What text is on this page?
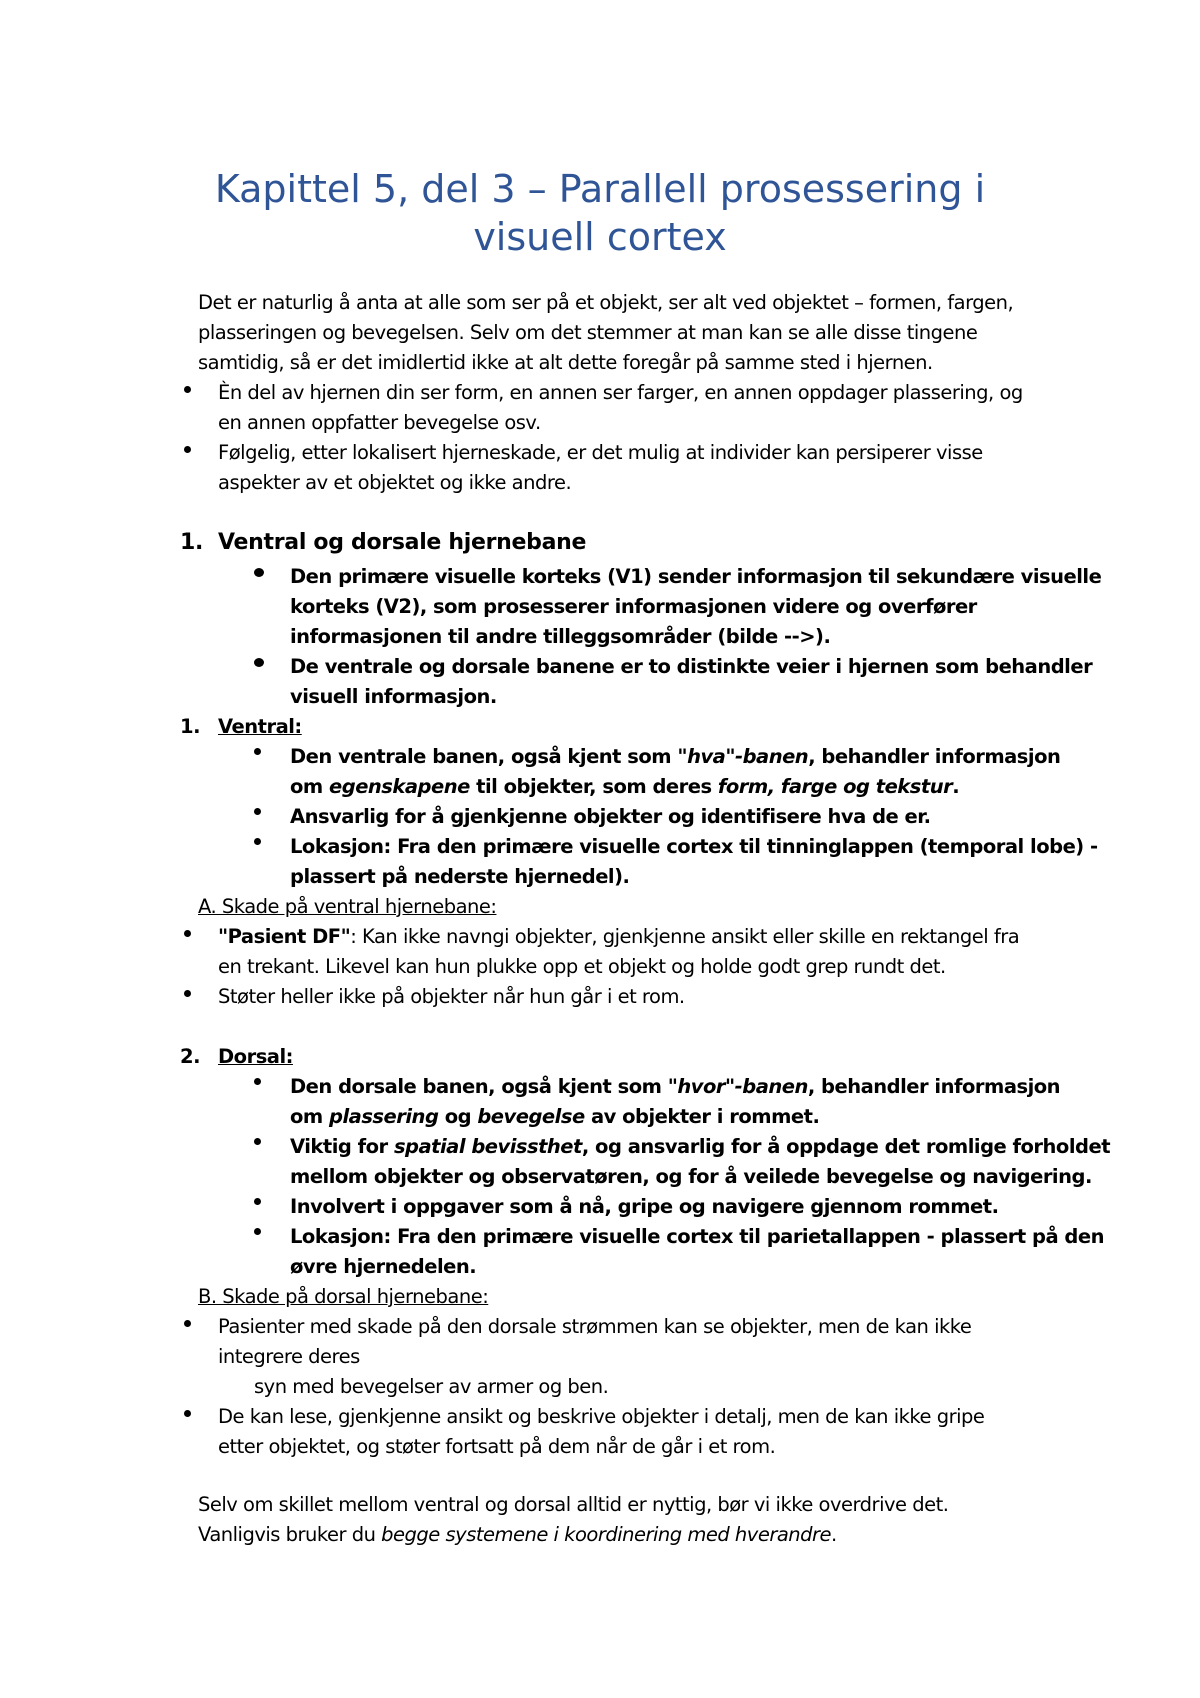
Kapittel 5, del 3 – Parallell prosessering i
visuell cortex
Det er naturlig å anta at alle som ser på et objekt, ser alt ved objektet – formen, fargen,
plasseringen og bevegelsen. Selv om det stemmer at man kan se alle disse tingene
samtidig, så er det imidlertid ikke at alt dette foregår på samme sted i hjernen.
Èn del av hjernen din ser form, en annen ser farger, en annen oppdager plassering, og
en annen oppfatter bevegelse osv.
Følgelig, etter lokalisert hjerneskade, er det mulig at individer kan persiperer visse
aspekter av et objektet og ikke andre.
1. Ventral og dorsale hjernebane
Den primære visuelle korteks (V1) sender informasjon til sekundære visuelle
korteks (V2), som prosesserer informasjonen videre og overfører
informasjonen til andre tilleggsområder (bilde -->).
De ventrale og dorsale banene er to distinkte veier i hjernen som behandler
visuell informasjon.
1. Ventral:
Den ventrale banen, også kjent som "hva"-banen, behandler informasjon
om egenskapene til objekter, som deres form, farge og tekstur.
Ansvarlig for å gjenkjenne objekter og identifisere hva de er.
Lokasjon: Fra den primære visuelle cortex til tinninglappen (temporal lobe) -
plassert på nederste hjernedel).
A. Skade på ventral hjernebane:
"Pasient DF": Kan ikke navngi objekter, gjenkjenne ansikt eller skille en rektangel fra
en trekant. Likevel kan hun plukke opp et objekt og holde godt grep rundt det.
Støter heller ikke på objekter når hun går i et rom.
2. Dorsal:
Den dorsale banen, også kjent som "hvor"-banen, behandler informasjon
om plassering og bevegelse av objekter i rommet.
Viktig for spatial bevissthet, og ansvarlig for å oppdage det romlige forholdet
mellom objekter og observatøren, og for å veilede bevegelse og navigering.
Involvert i oppgaver som å nå, gripe og navigere gjennom rommet.
Lokasjon: Fra den primære visuelle cortex til parietallappen - plassert på den
øvre hjernedelen.
B. Skade på dorsal hjernebane:
Pasienter med skade på den dorsale strømmen kan se objekter, men de kan ikke
integrere deres
syn med bevegelser av armer og ben.
De kan lese, gjenkjenne ansikt og beskrive objekter i detalj, men de kan ikke gripe
etter objektet, og støter fortsatt på dem når de går i et rom.
Selv om skillet mellom ventral og dorsal alltid er nyttig, bør vi ikke overdrive det.
Vanligvis bruker du begge systemene i koordinering med hverandre.
